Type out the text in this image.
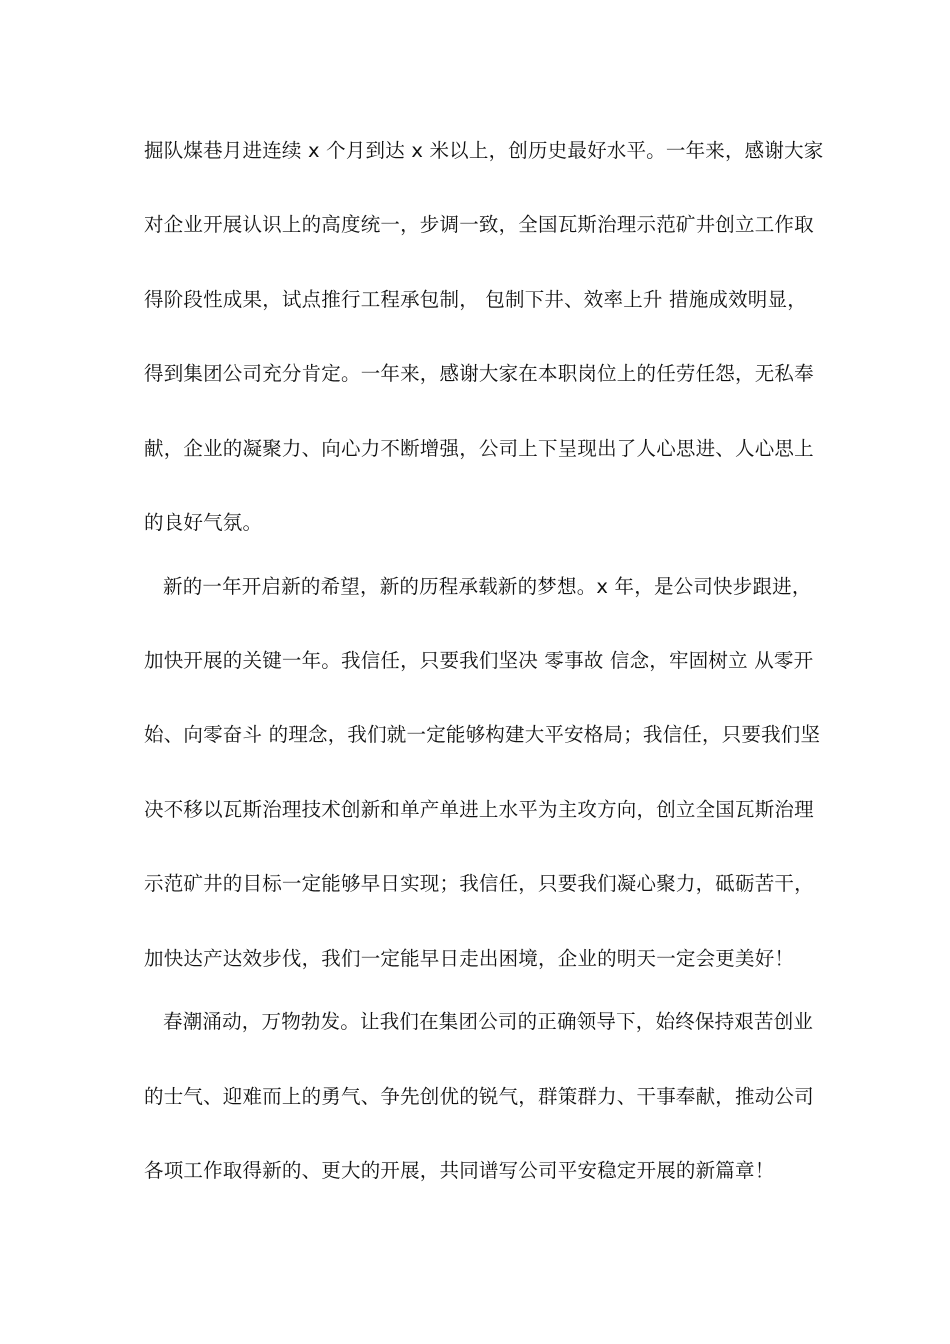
掘队煤巷月进连续 x 个月到达 x 米以上，创历史最好水平。一年来，感谢大家
对企业开展认识上的高度统一，步调一致，全国瓦斯治理示范矿井创立工作取
得阶段性成果，试点推行工程承包制， 包制下井、效率上升 措施成效明显，
得到集团公司充分肯定。一年来，感谢大家在本职岗位上的任劳任怨，无私奉
献，企业的凝聚力、向心力不断增强，公司上下呈现出了人心思进、人心思上
的良好气氛。
新的一年开启新的希望，新的历程承载新的梦想。x 年，是公司快步跟进，
加快开展的关键一年。我信任，只要我们坚决 零事故 信念，牢固树立 从零开
始、向零奋斗 的理念，我们就一定能够构建大平安格局；我信任，只要我们坚
决不移以瓦斯治理技术创新和单产单进上水平为主攻方向，创立全国瓦斯治理
示范矿井的目标一定能够早日实现；我信任，只要我们凝心聚力，砥砺苦干，
加快达产达效步伐，我们一定能早日走出困境，企业的明天一定会更美好！
春潮涌动，万物勃发。让我们在集团公司的正确领导下，始终保持艰苦创业
的士气、迎难而上的勇气、争先创优的锐气，群策群力、干事奉献，推动公司
各项工作取得新的、更大的开展，共同谱写公司平安稳定开展的新篇章！
